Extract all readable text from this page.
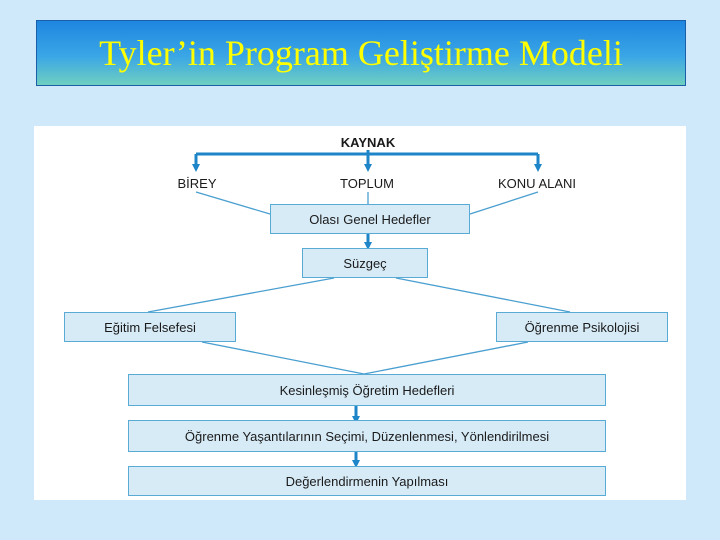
Tyler’in Program Geliştirme Modeli
KAYNAK
BİREY	TOPLUM	KONU ALANI
Olası Genel Hedefler
Süzgeç
Eğitim Felsefesi	Öğrenme Psikolojisi
Kesinleşmiş Öğretim Hedefleri
Öğrenme Yaşantılarının Seçimi, Düzenlenmesi, Yönlendirilmesi
Değerlendirmenin Yapılması
